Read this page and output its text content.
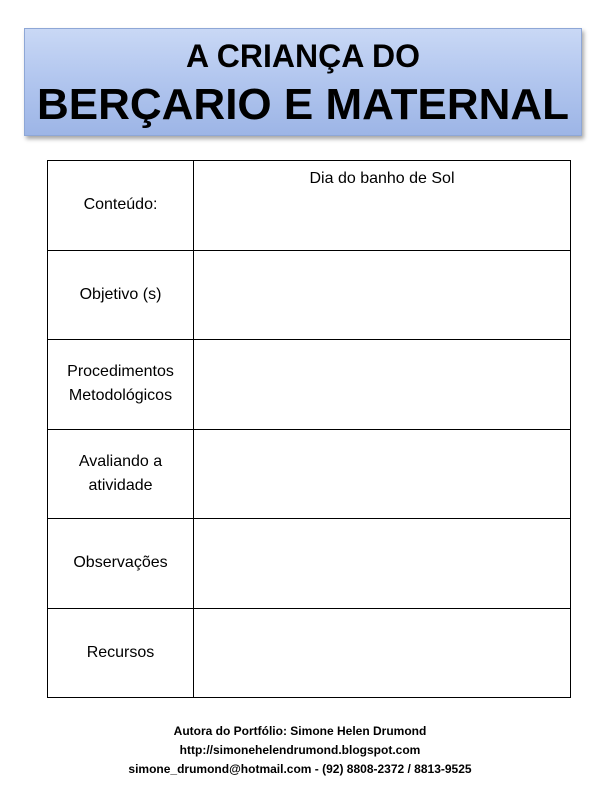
A CRIANÇA DO
BERÇARIO E MATERNAL
Conteúdo:	Dia do banho de Sol

Objetivo (s)	

Procedimentos Metodológicos	

Avaliando a atividade	

Observações	

Recursos	
Autora do Portfólio: Simone Helen Drumond
http://simonehelendrumond.blogspot.com
simone_drumond@hotmail.com - (92) 8808-2372 / 8813-9525
